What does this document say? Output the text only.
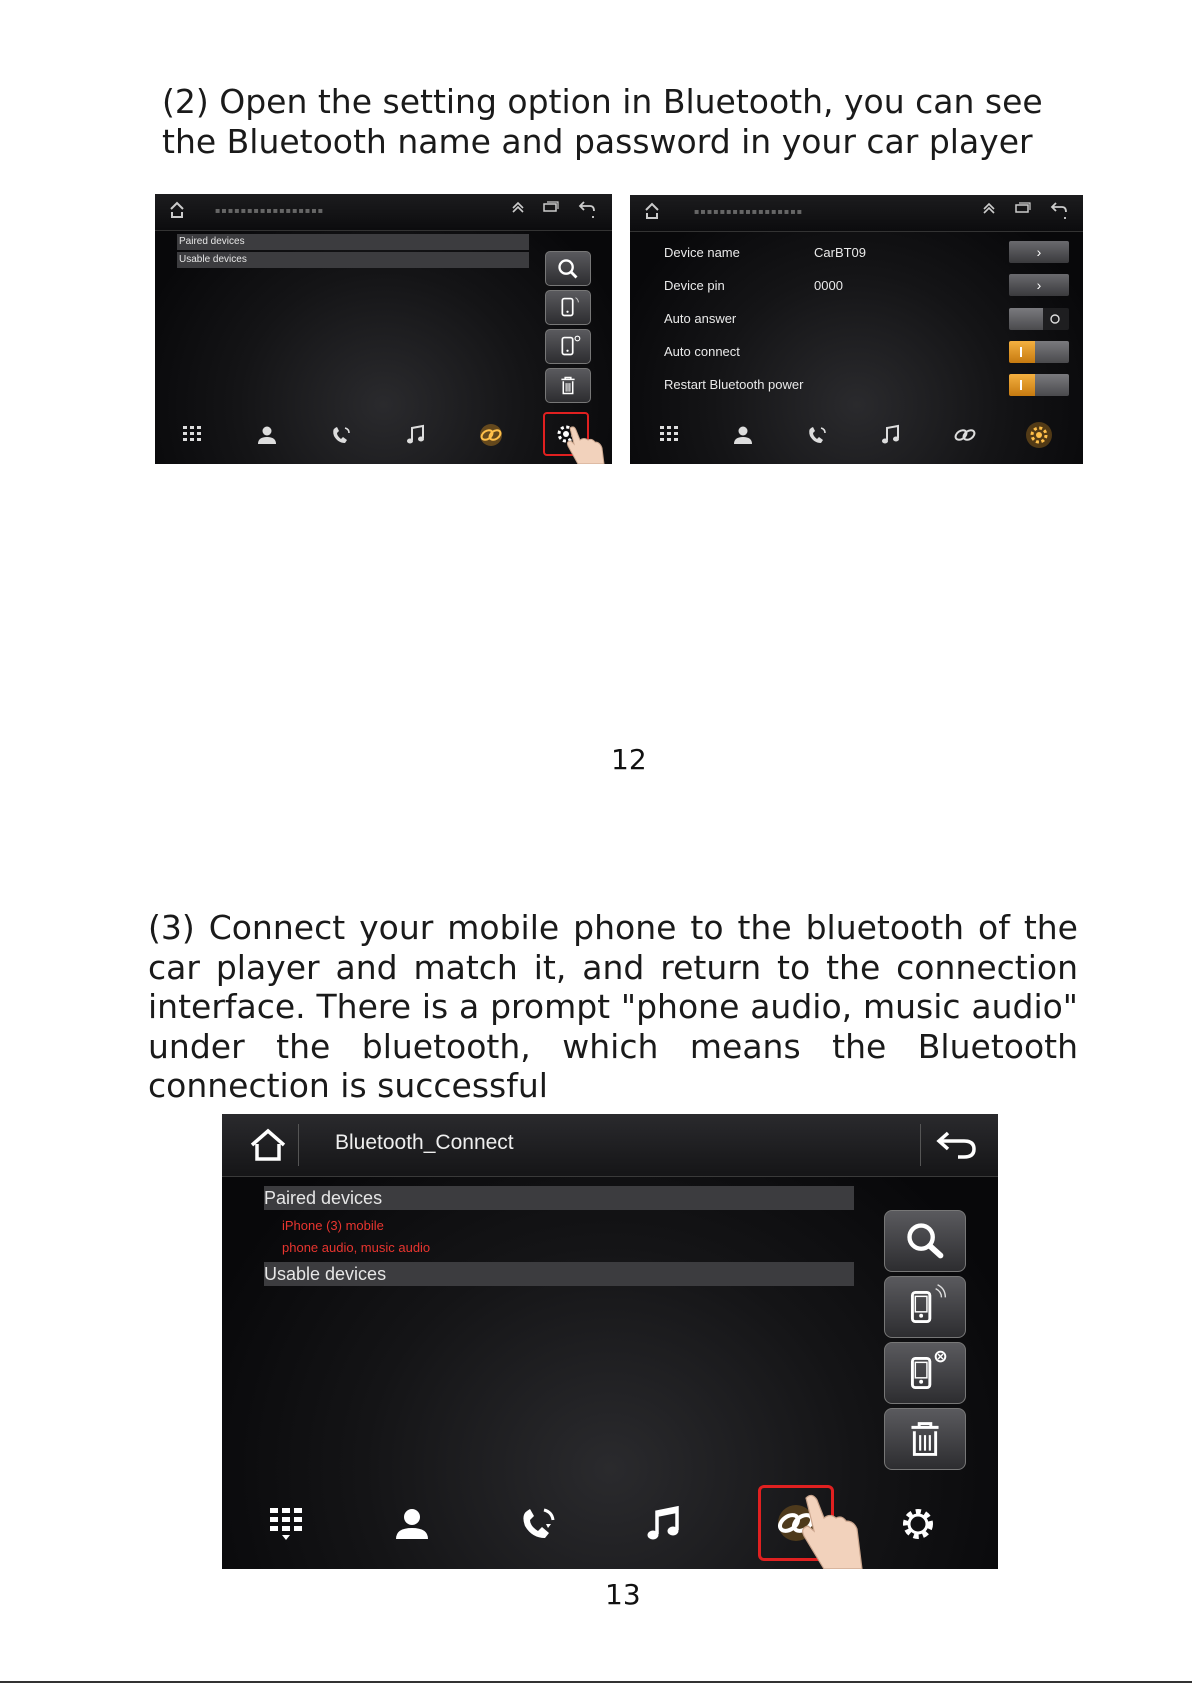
(2) Open the setting option in Bluetooth, you can see the Bluetooth name and password in your car player

▪▪▪▪▪▪▪▪▪▪▪▪▪▪▪▪▪
Paired devices
Usable devices
▪▪▪▪▪▪▪▪▪▪▪▪▪▪▪▪▪
Device name	CarBT09	›
Device pin	0000	›
Auto answer
Auto connect
Restart Bluetooth power
12

(3) Connect your mobile phone to the bluetooth of the car player and match it, and return to the connection interface. There is a prompt "phone audio, music audio" under the bluetooth, which means the Bluetooth connection is successful

Bluetooth_Connect
Paired devices
iPhone (3) mobile
phone audio, music audio
Usable devices
13
